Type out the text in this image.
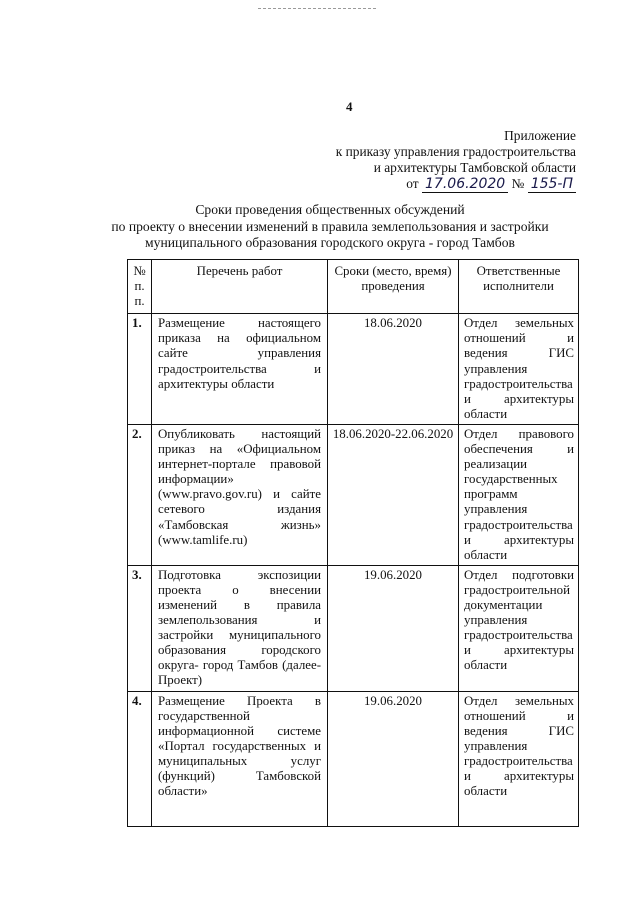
4
Приложение
к приказу управления градостроительства
и архитектуры Тамбовской области
от 17.06.2020 № 155-П
Сроки проведения общественных обсуждений
по проекту о внесении изменений в правила землепользования и застройки
муниципального образования городского округа - город Тамбов
№ п. п.	Перечень работ	Сроки (место, время) проведения	Ответственные исполнители
1.	Размещение настоящего приказа на официальном сайте управления градостроительства и архитектуры области	18.06.2020	Отдел земельных отношений и ведения ГИС управления градостроительства и архитектуры области
2.	Опубликовать настоящий приказ на «Официальном интернет-портале правовой информации» (www.pravo.gov.ru) и сайте сетевого издания «Тамбовская жизнь» (www.tamlife.ru)	18.06.2020-22.06.2020	Отдел правового обеспечения и реализации государственных программ управления градостроительства и архитектуры области
3.	Подготовка экспозиции проекта о внесении изменений в правила землепользования и застройки муниципального образования городского округа- город Тамбов (далее-Проект)	19.06.2020	Отдел подготовки градостроительной документации управления градостроительства и архитектуры области
4.	Размещение Проекта в государственной информационной системе «Портал государственных и муниципальных услуг (функций) Тамбовской области»	19.06.2020	Отдел земельных отношений и ведения ГИС управления градостроительства и архитектуры области
